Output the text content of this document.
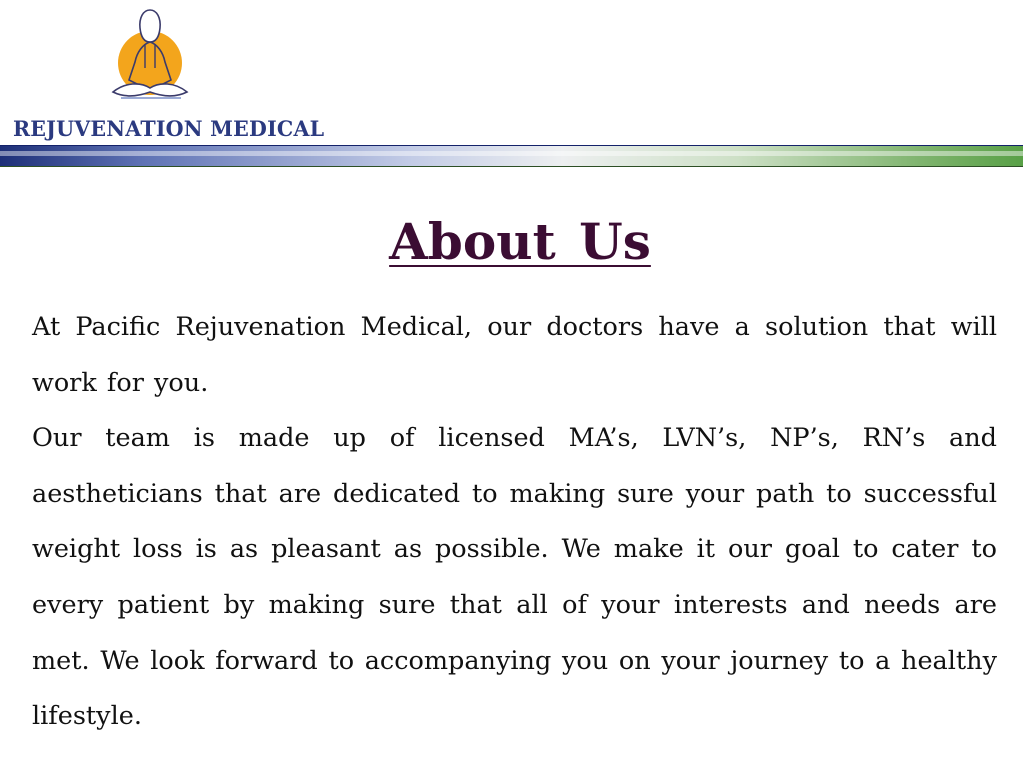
REJUVENATION MEDICAL
About Us

At Pacific Rejuvenation Medical, our doctors have a solution that will work for you.

Our team is made up of licensed MA’s, LVN’s, NP’s, RN’s and aestheticians that are dedicated to making sure your path to successful weight loss is as pleasant as possible. We make it our goal to cater to every patient by making sure that all of your interests and needs are met. We look forward to accompanying you on your journey to a healthy lifestyle.
